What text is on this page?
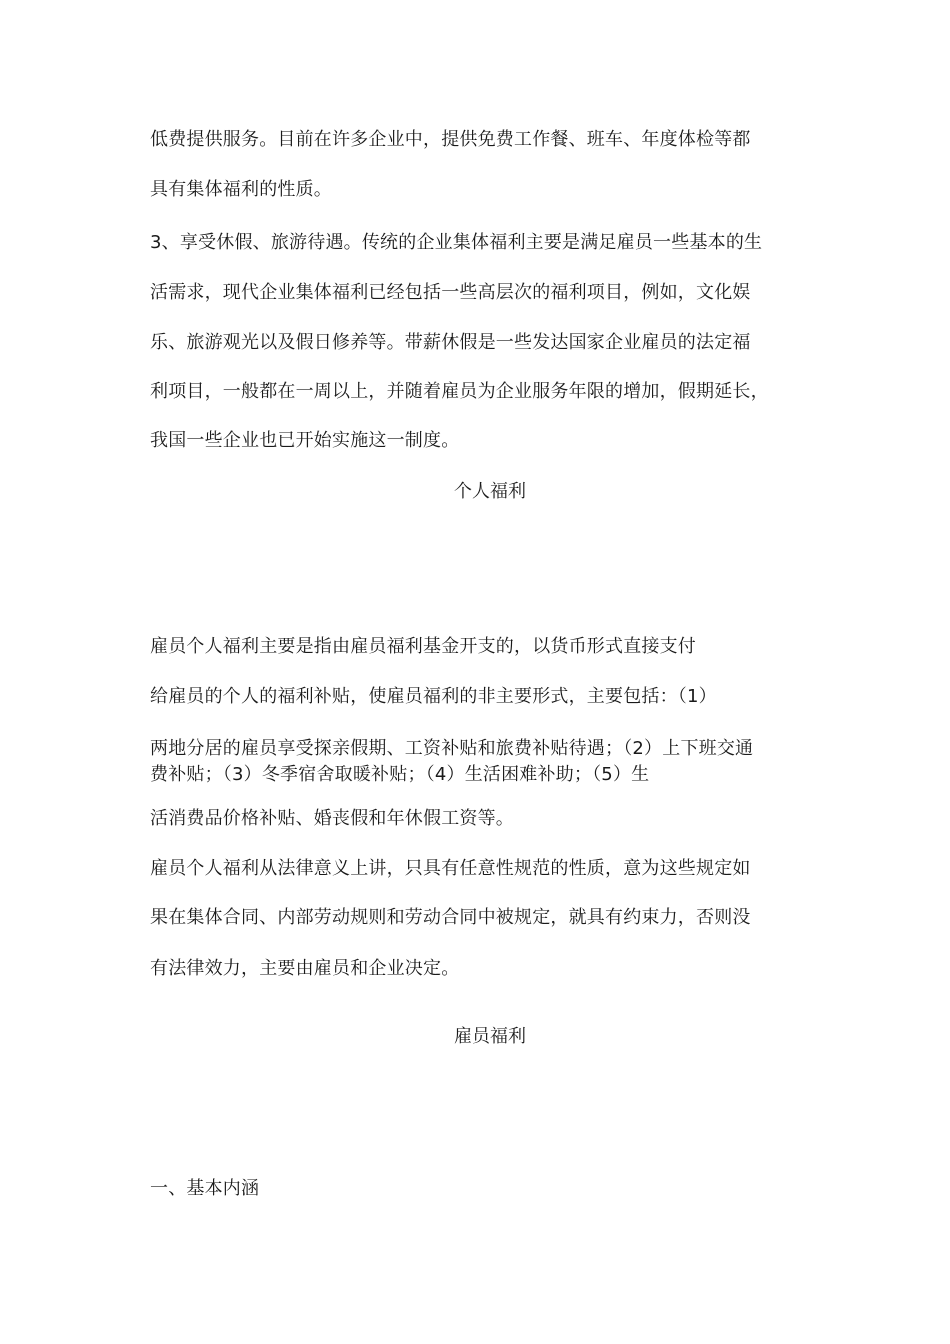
低费提供服务。目前在许多企业中，提供免费工作餐、班车、年度体检等都
具有集体福利的性质。
3、享受休假、旅游待遇。传统的企业集体福利主要是满足雇员一些基本的生
活需求，现代企业集体福利已经包括一些高层次的福利项目，例如，文化娱
乐、旅游观光以及假日修养等。带薪休假是一些发达国家企业雇员的法定福
利项目，一般都在一周以上，并随着雇员为企业服务年限的增加，假期延长，
我国一些企业也已开始实施这一制度。
个人福利
雇员个人福利主要是指由雇员福利基金开支的，以货币形式直接支付
给雇员的个人的福利补贴，使雇员福利的非主要形式，主要包括：（1）
两地分居的雇员享受探亲假期、工资补贴和旅费补贴待遇；（2）上下班交通
费补贴；（3）冬季宿舍取暖补贴；（4）生活困难补助；（5）生
活消费品价格补贴、婚丧假和年休假工资等。
雇员个人福利从法律意义上讲，只具有任意性规范的性质，意为这些规定如
果在集体合同、内部劳动规则和劳动合同中被规定，就具有约束力，否则没
有法律效力，主要由雇员和企业决定。
雇员福利
一、基本内涵
